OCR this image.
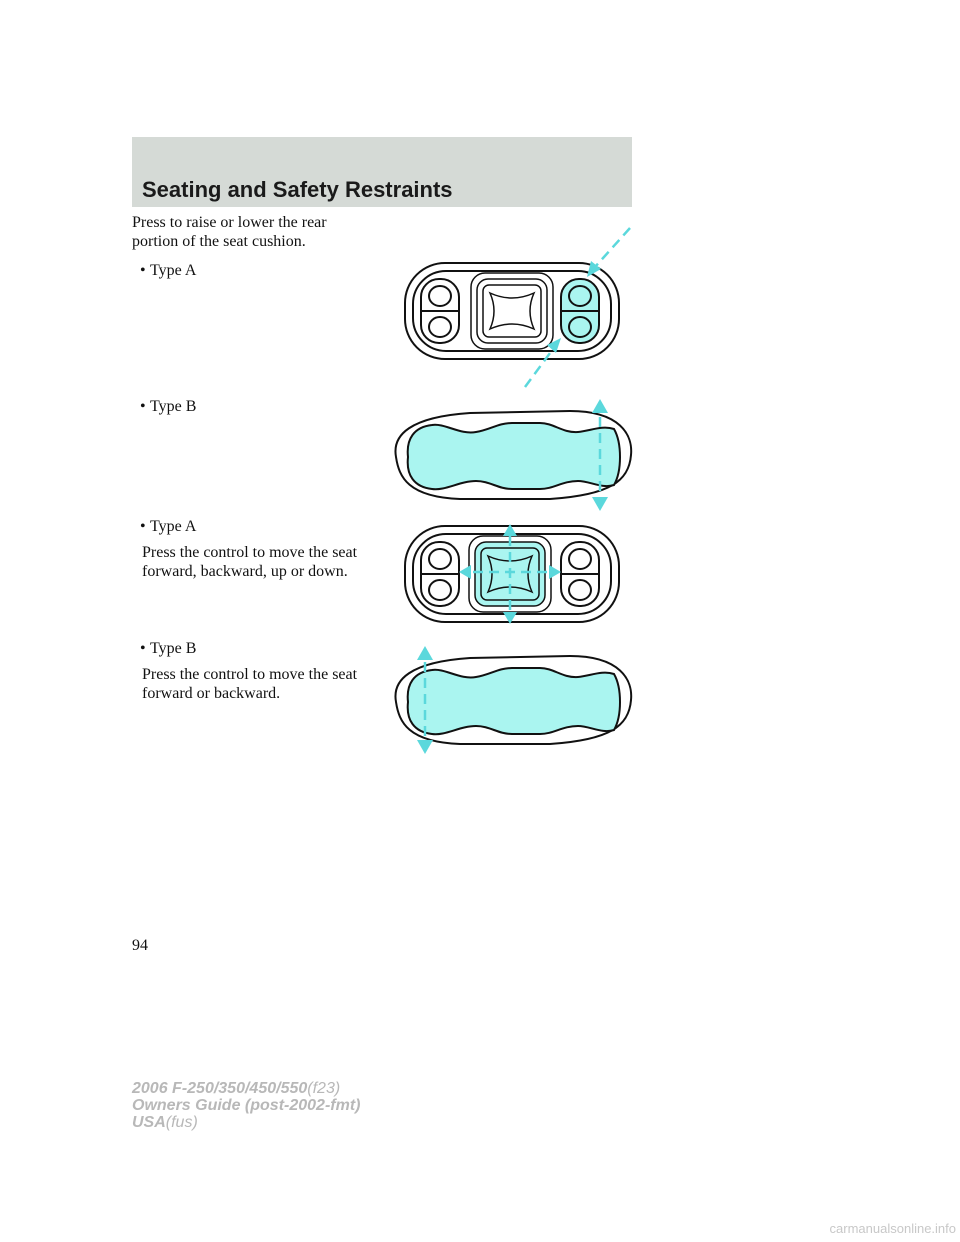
Seating and Safety Restraints
Press to raise or lower the rear
portion of the seat cushion.
• Type A
• Type B
• Type A
Press the control to move the seat
forward, backward, up or down.
• Type B
Press the control to move the seat
forward or backward.
94
2006 F-250/350/450/550(f23)
Owners Guide (post-2002-fmt)
USA(fus)
carmanualsonline.info
